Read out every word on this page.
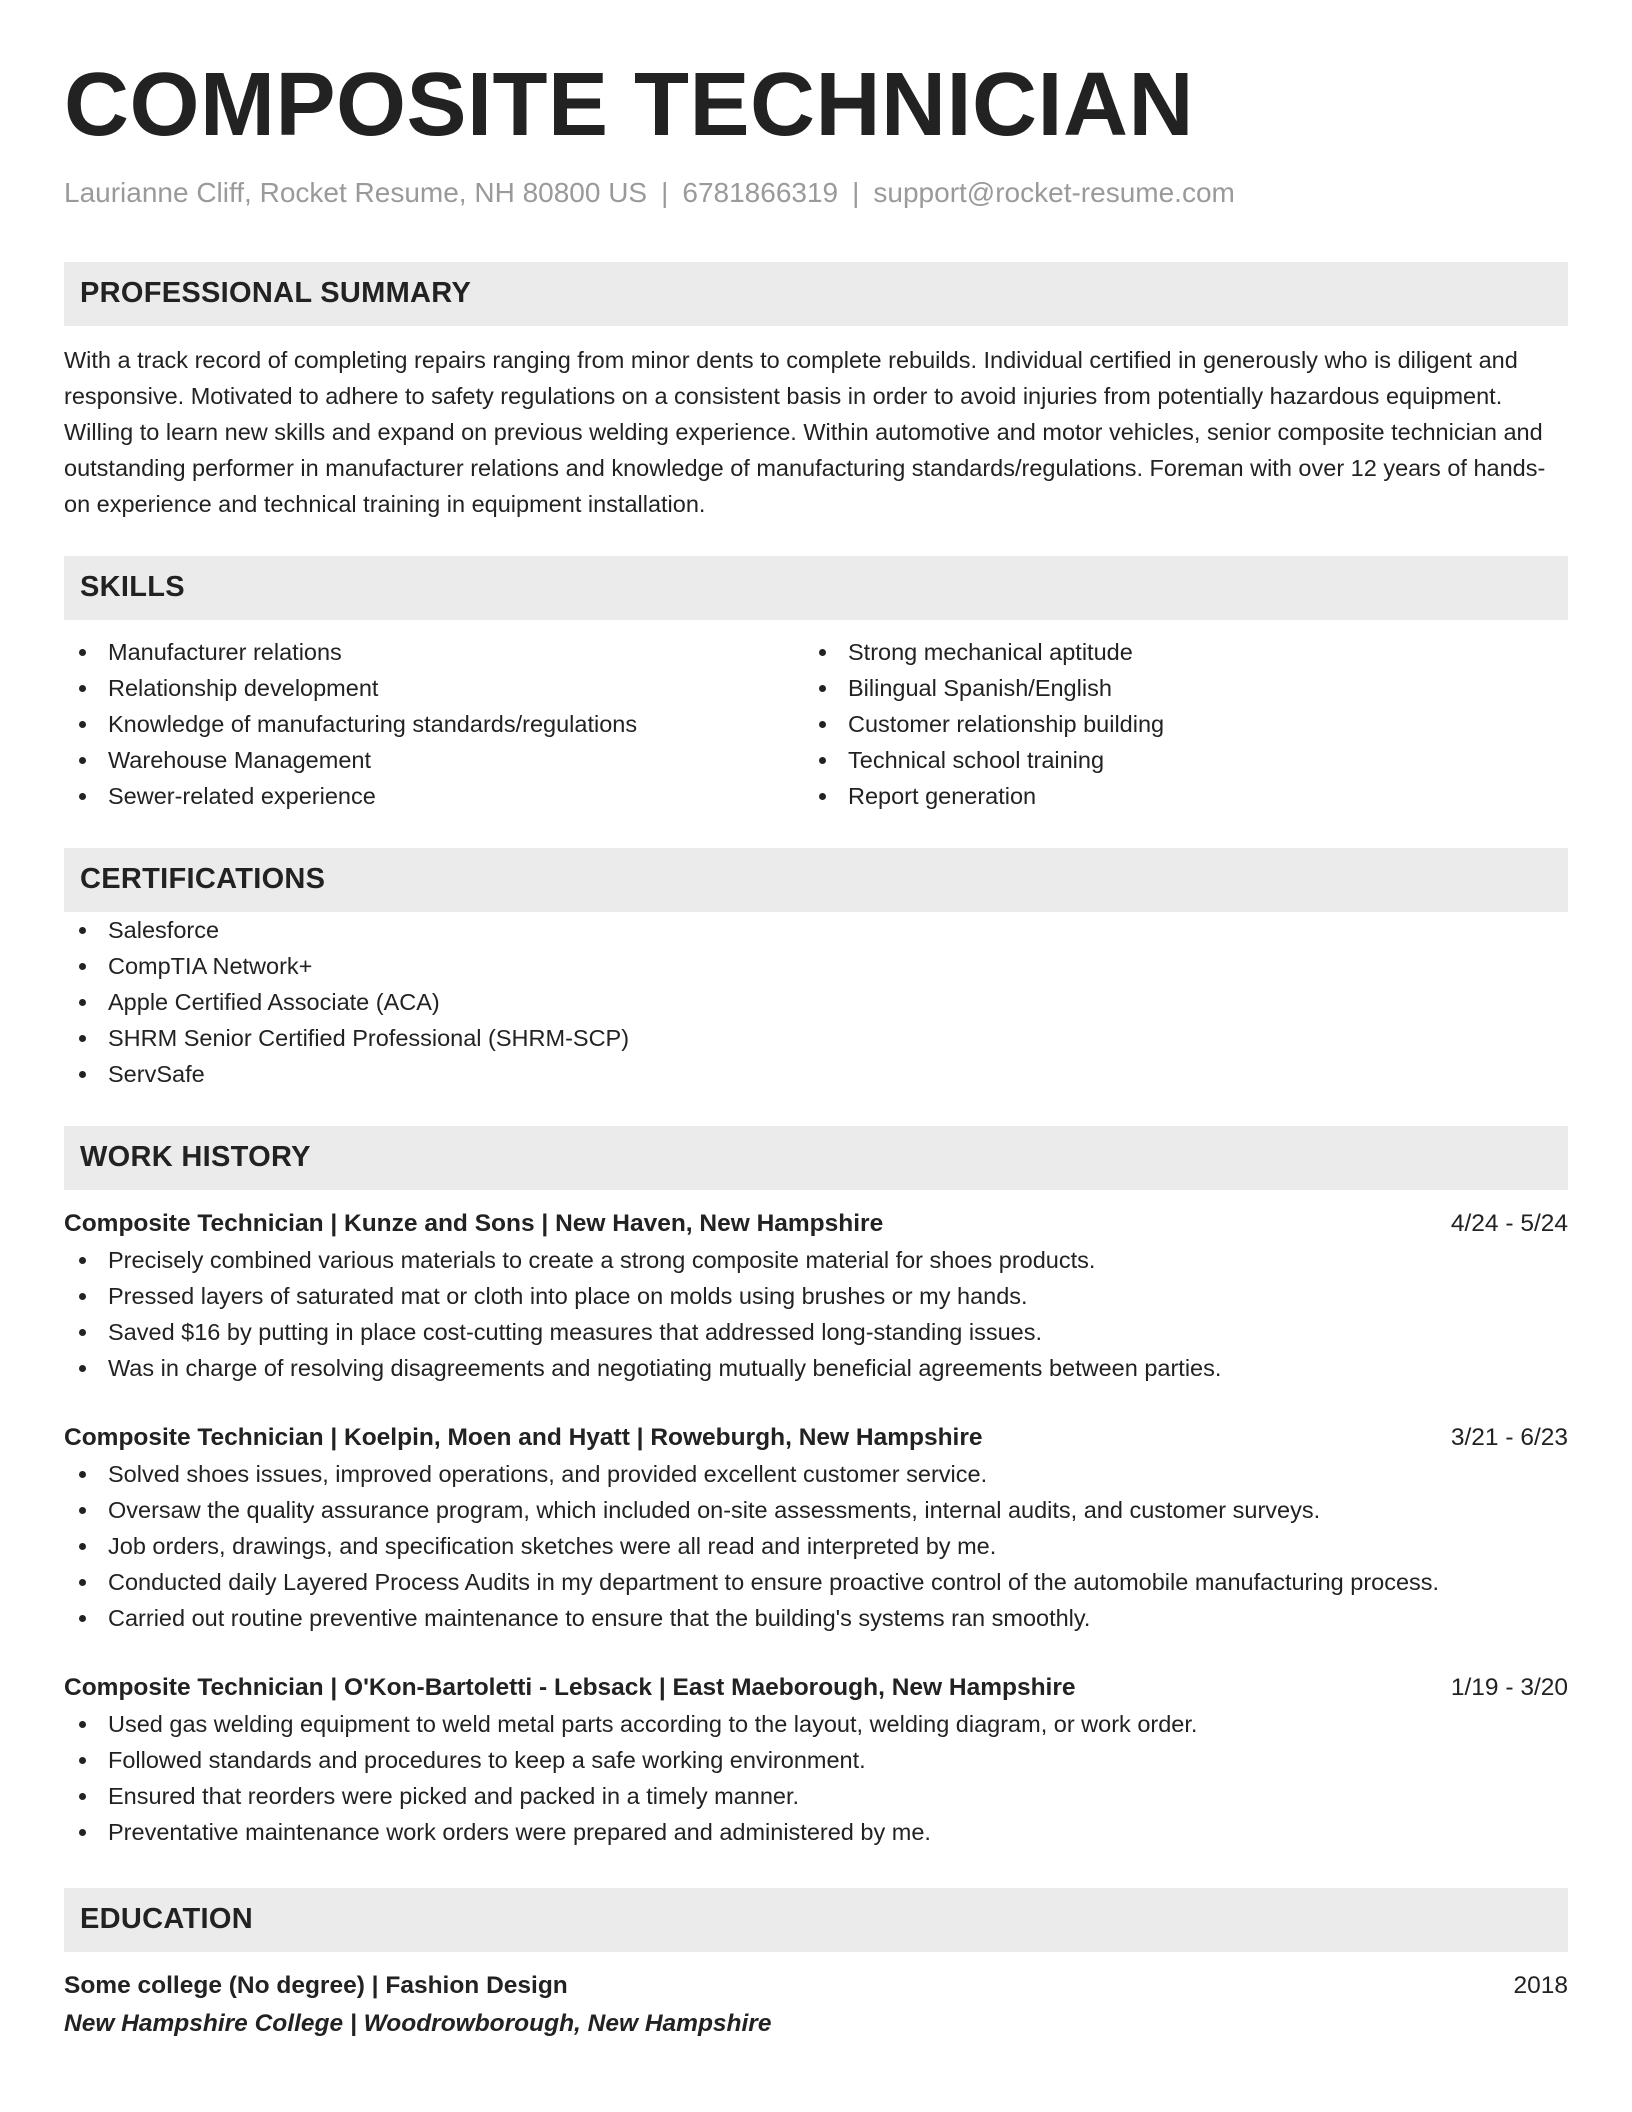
COMPOSITE TECHNICIAN
Laurianne Cliff, Rocket Resume, NH 80800 US | 6781866319 | support@rocket-resume.com
PROFESSIONAL SUMMARY
With a track record of completing repairs ranging from minor dents to complete rebuilds. Individual certified in generously who is diligent and responsive. Motivated to adhere to safety regulations on a consistent basis in order to avoid injuries from potentially hazardous equipment. Willing to learn new skills and expand on previous welding experience. Within automotive and motor vehicles, senior composite technician and outstanding performer in manufacturer relations and knowledge of manufacturing standards/regulations. Foreman with over 12 years of hands-on experience and technical training in equipment installation.
SKILLS
Manufacturer relations
Relationship development
Knowledge of manufacturing standards/regulations
Warehouse Management
Sewer-related experience
Strong mechanical aptitude
Bilingual Spanish/English
Customer relationship building
Technical school training
Report generation
CERTIFICATIONS
Salesforce
CompTIA Network+
Apple Certified Associate (ACA)
SHRM Senior Certified Professional (SHRM-SCP)
ServSafe
WORK HISTORY
Composite Technician | Kunze and Sons | New Haven, New Hampshire	4/24 - 5/24
Precisely combined various materials to create a strong composite material for shoes products.
Pressed layers of saturated mat or cloth into place on molds using brushes or my hands.
Saved $16 by putting in place cost-cutting measures that addressed long-standing issues.
Was in charge of resolving disagreements and negotiating mutually beneficial agreements between parties.
Composite Technician | Koelpin, Moen and Hyatt | Roweburgh, New Hampshire	3/21 - 6/23
Solved shoes issues, improved operations, and provided excellent customer service.
Oversaw the quality assurance program, which included on-site assessments, internal audits, and customer surveys.
Job orders, drawings, and specification sketches were all read and interpreted by me.
Conducted daily Layered Process Audits in my department to ensure proactive control of the automobile manufacturing process.
Carried out routine preventive maintenance to ensure that the building's systems ran smoothly.
Composite Technician | O'Kon-Bartoletti - Lebsack | East Maeborough, New Hampshire	1/19 - 3/20
Used gas welding equipment to weld metal parts according to the layout, welding diagram, or work order.
Followed standards and procedures to keep a safe working environment.
Ensured that reorders were picked and packed in a timely manner.
Preventative maintenance work orders were prepared and administered by me.
EDUCATION
Some college (No degree) | Fashion Design	2018
New Hampshire College | Woodrowborough, New Hampshire
